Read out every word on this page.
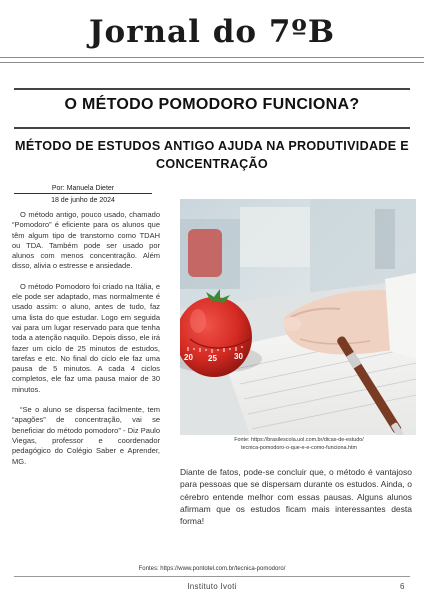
Jornal do 7ºB
O MÉTODO POMODORO FUNCIONA?
MÉTODO DE ESTUDOS ANTIGO AJUDA NA PRODUTIVIDADE E CONCENTRAÇÃO
Por: Manuela Dieter
18 de junho de 2024

O método antigo, pouco usado, chamado “Pomodoro” é eficiente para os alunos que têm algum tipo de transtorno como TDAH ou TDA. Também pode ser usado por alunos com menos concentração. Além disso, alivia o estresse e ansiedade.

O método Pomodoro foi criado na Itália, e ele pode ser adaptado, mas normalmente é usado assim: o aluno, antes de tudo, faz uma lista do que estudar. Logo em seguida vai para um lugar reservado para que tenha toda a atenção naquilo. Depois disso, ele irá fazer um ciclo de 25 minutos de estudos, tarefas e etc. No final do ciclo ele faz uma pausa de 5 minutos. A cada 4 ciclos completos, ele faz uma pausa maior de 30 minutos.

“Se o aluno se dispersa facilmente, tem “apagões” de concentração, vai se beneficiar do método pomodoro” - Diz Paulo Viegas, professor e coordenador pedagógico do Colégio Saber e Aprender, MG.

20 25 30
Fonte: https://brasilescola.uol.com.br/dicas-de-estudo/
tecnica-pomodoro-o-que-e-e-como-funciona.htm
Diante de fatos, pode-se concluir que, o método é vantajoso para pessoas que se dispersam durante os estudos. Ainda, o cérebro entende melhor com essas pausas. Alguns alunos afirmam que os estudos ficam mais interessantes desta forma!
Fontes: https://www.pontotel.com.br/tecnica-pomodoro/
Instituto Ivoti	6
